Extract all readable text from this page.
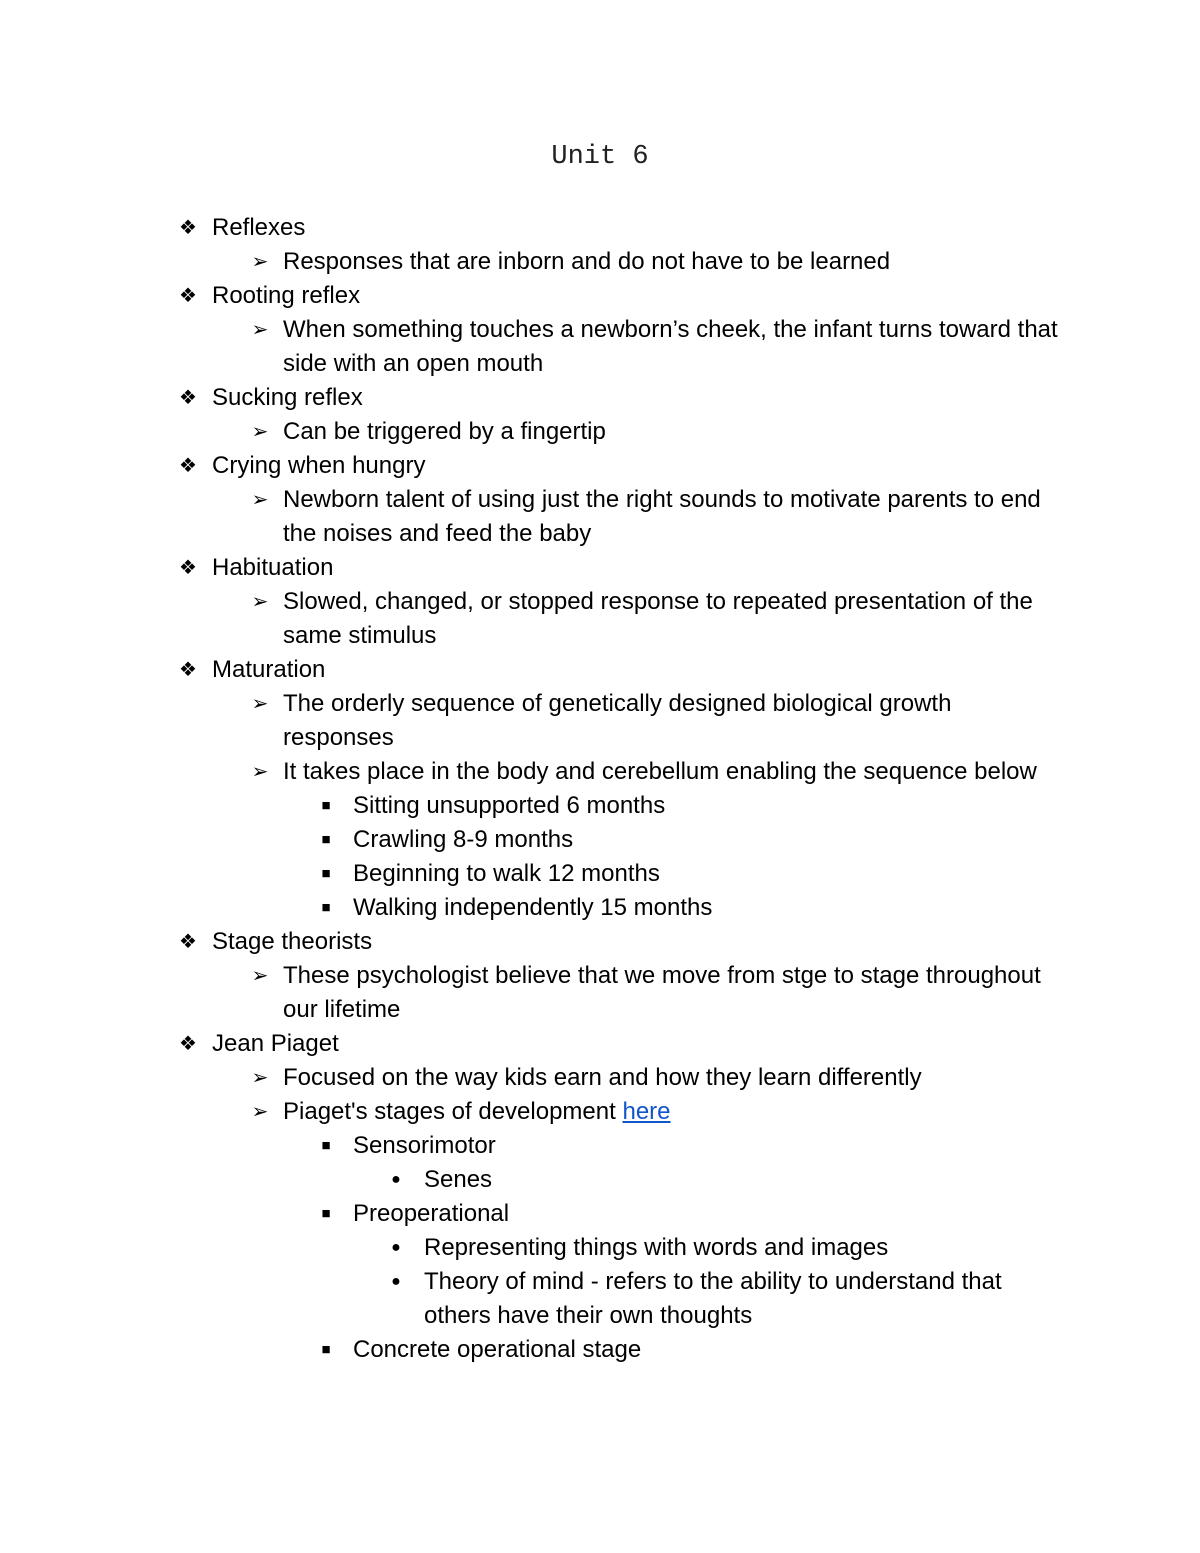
Unit 6
❖ Reflexes
➢ Responses that are inborn and do not have to be learned
❖ Rooting reflex
➢ When something touches a newborn’s cheek, the infant turns toward that side with an open mouth
❖ Sucking reflex
➢ Can be triggered by a fingertip
❖ Crying when hungry
➢ Newborn talent of using just the right sounds to motivate parents to end the noises and feed the baby
❖ Habituation
➢ Slowed, changed, or stopped response to repeated presentation of the same stimulus
❖ Maturation
➢ The orderly sequence of genetically designed biological growth responses
➢ It takes place in the body and cerebellum enabling the sequence below
■ Sitting unsupported 6 months
■ Crawling 8-9 months
■ Beginning to walk 12 months
■ Walking independently 15 months
❖ Stage theorists
➢ These psychologist believe that we move from stge to stage throughout our lifetime
❖ Jean Piaget
➢ Focused on the way kids earn and how they learn differently
➢ Piaget's stages of development here
■ Sensorimotor
● Senes
■ Preoperational
● Representing things with words and images
● Theory of mind - refers to the ability to understand that others have their own thoughts
■ Concrete operational stage
